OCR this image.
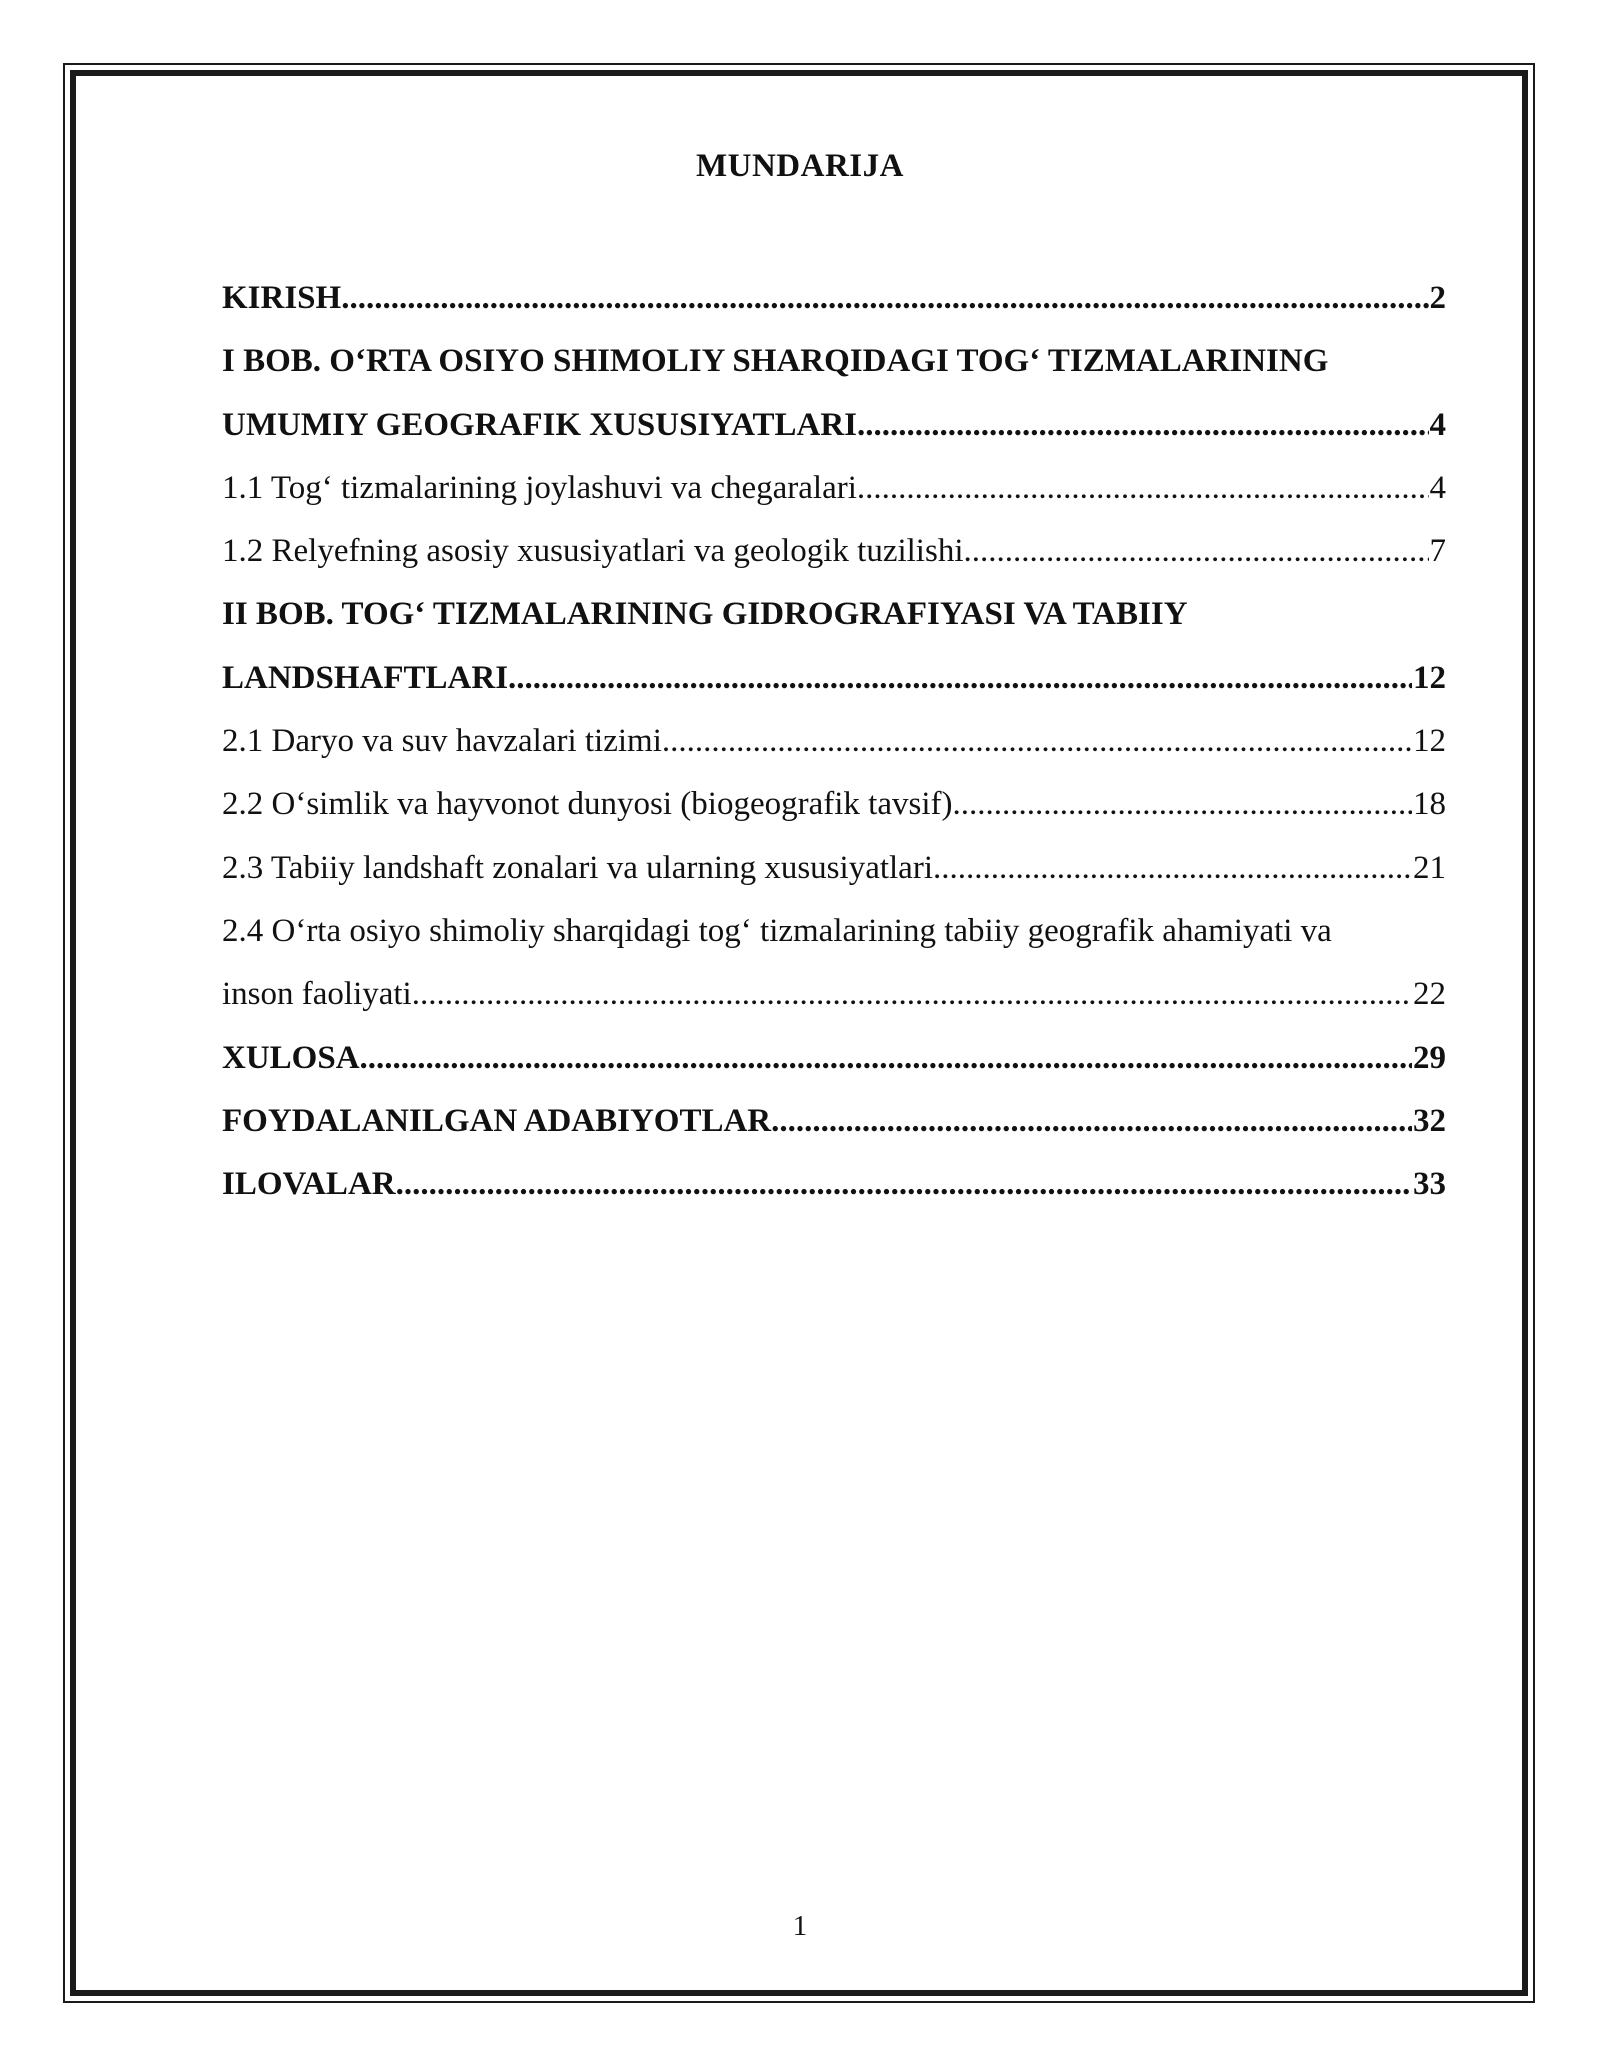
MUNDARIJA
KIRISH .....	2
I BOB. O‘RTA OSIYO SHIMOLIY SHARQIDAGI TOG‘ TIZMALARINING
UMUMIY GEOGRAFIK XUSUSIYATLARI .....	4
1.1 Tog‘ tizmalarining joylashuvi va chegaralari .....	4
1.2 Relyefning asosiy xususiyatlari va geologik tuzilishi .....	7
II BOB. TOG‘ TIZMALARINING GIDROGRAFIYASI VA TABIIY
LANDSHAFTLARI .....	12
2.1 Daryo va suv havzalari tizimi .....	12
2.2 O‘simlik va hayvonot dunyosi (biogeografik tavsif) .....	18
2.3 Tabiiy landshaft zonalari va ularning xususiyatlari .....	21
2.4 O‘rta osiyo shimoliy sharqidagi tog‘ tizmalarining tabiiy geografik ahamiyati va
inson faoliyati .....	22
XULOSA .....	29
FOYDALANILGAN ADABIYOTLAR .....	32
ILOVALAR .....	33
1
